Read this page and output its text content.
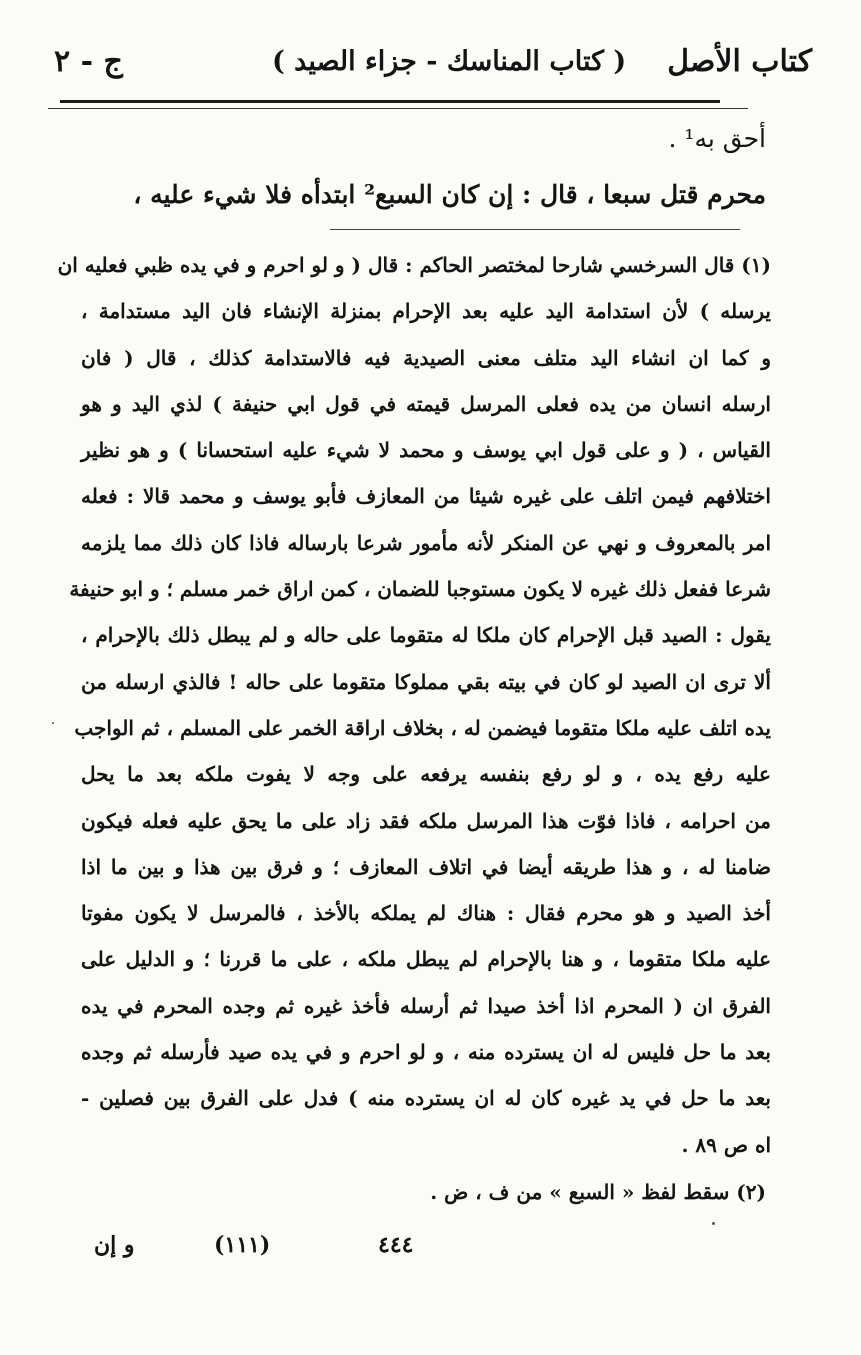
كتاب الأصل
( كتاب المناسك - جزاء الصيد )
ج - ٢
أحق به¹ .
محرم قتل سبعا ، قال : إن كان السبع² ابتدأه فلا شيء عليه ،
(١) قال السرخسي شارحا لمختصر الحاكم : قال ( و لو احرم و في يده ظبي فعليه ان
يرسله ) لأن استدامة اليد عليه بعد الإحرام بمنزلة الإنشاء فان اليد مستدامة ،
و كما ان انشاء اليد متلف معنى الصيدية فيه فالاستدامة كذلك ، قال ( فان
ارسله انسان من يده فعلى المرسل قيمته في قول ابي حنيفة ) لذي اليد و هو
القياس ، ( و على قول ابي يوسف و محمد لا شيء عليه استحسانا ) و هو نظير
اختلافهم فيمن اتلف على غيره شيئا من المعازف فأبو يوسف و محمد قالا : فعله
امر بالمعروف و نهي عن المنكر لأنه مأمور شرعا بارساله فاذا كان ذلك مما يلزمه
شرعا ففعل ذلك غيره لا يكون مستوجبا للضمان ، كمن اراق خمر مسلم ؛ و ابو حنيفة
يقول : الصيد قبل الإحرام كان ملكا له متقوما على حاله و لم يبطل ذلك بالإحرام ،
ألا ترى ان الصيد لو كان في بيته بقي مملوكا متقوما على حاله ! فالذي ارسله من
يده اتلف عليه ملكا متقوما فيضمن له ، بخلاف اراقة الخمر على المسلم ، ثم الواجب
عليه رفع يده ، و لو رفع بنفسه يرفعه على وجه لا يفوت ملكه بعد ما يحل
من احرامه ، فاذا فوّت هذا المرسل ملكه فقد زاد على ما يحق عليه فعله فيكون
ضامنا له ، و هذا طريقه أيضا في اتلاف المعازف ؛ و فرق بين هذا و بين ما اذا
أخذ الصيد و هو محرم فقال : هناك لم يملكه بالأخذ ، فالمرسل لا يكون مفوتا
عليه ملكا متقوما ، و هنا بالإحرام لم يبطل ملكه ، على ما قررنا ؛ و الدليل على
الفرق ان ( المحرم اذا أخذ صيدا ثم أرسله فأخذ غيره ثم وجده المحرم في يده
بعد ما حل فليس له ان يسترده منه ، و لو احرم و في يده صيد فأرسله ثم وجده
بعد ما حل في يد غيره كان له ان يسترده منه ) فدل على الفرق بين فصلين -
اه ص ٨٩ .
(٢) سقط لفظ « السبع » من ف ، ض .
و إن	(١١١)	٤٤٤
